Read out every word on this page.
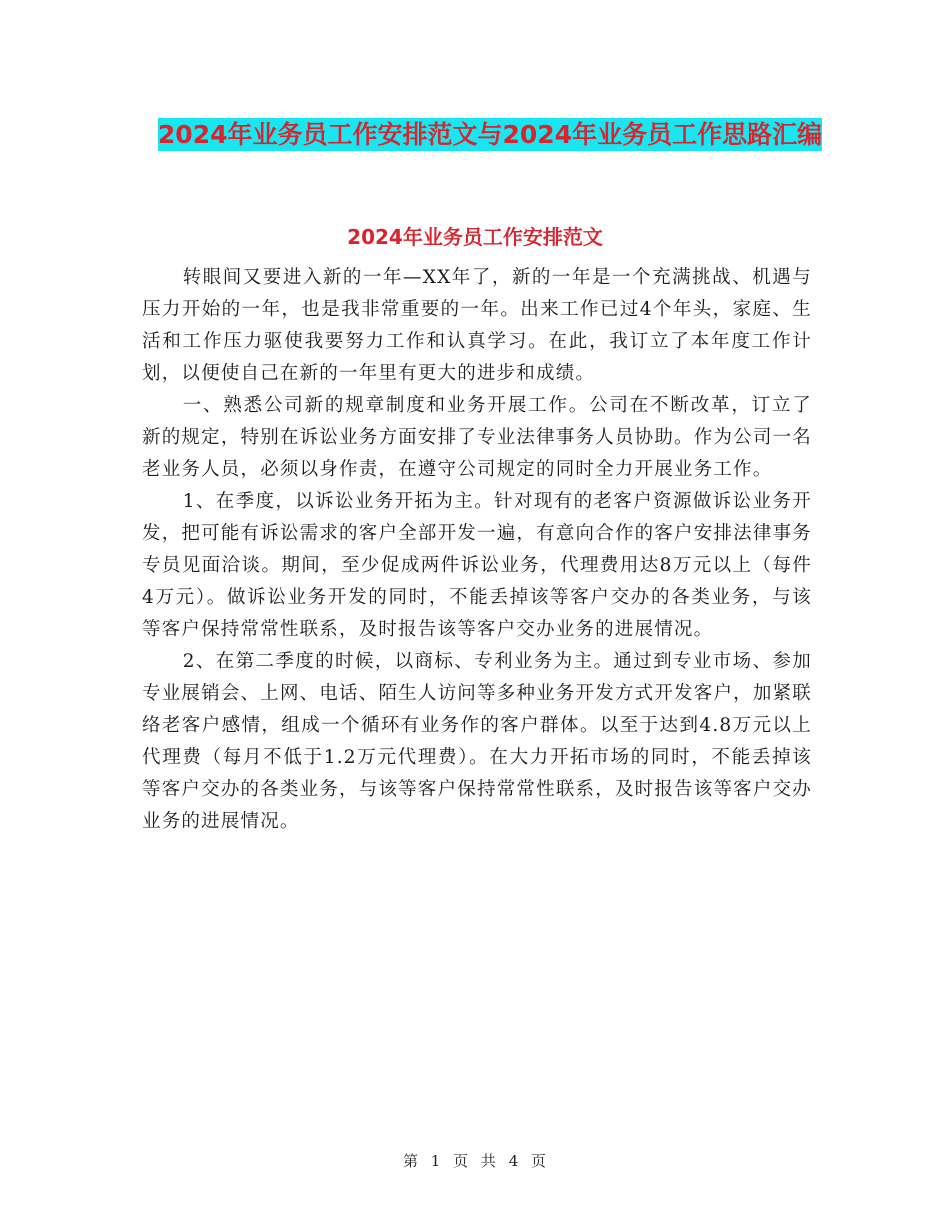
2024年业务员工作安排范文与2024年业务员工作思路汇编
2024年业务员工作安排范文

转眼间又要进入新的一年—XX年了，新的一年是一个充满挑战、机遇与压力开始的一年，也是我非常重要的一年。出来工作已过4个年头，家庭、生活和工作压力驱使我要努力工作和认真学习。在此，我订立了本年度工作计划，以便使自己在新的一年里有更大的进步和成绩。

一、熟悉公司新的规章制度和业务开展工作。公司在不断改革，订立了新的规定，特别在诉讼业务方面安排了专业法律事务人员协助。作为公司一名老业务人员，必须以身作责，在遵守公司规定的同时全力开展业务工作。

1、在季度，以诉讼业务开拓为主。针对现有的老客户资源做诉讼业务开发，把可能有诉讼需求的客户全部开发一遍，有意向合作的客户安排法律事务专员见面洽谈。期间，至少促成两件诉讼业务，代理费用达8万元以上（每件4万元）。做诉讼业务开发的同时，不能丢掉该等客户交办的各类业务，与该等客户保持常常性联系，及时报告该等客户交办业务的进展情况。

2、在第二季度的时候，以商标、专利业务为主。通过到专业市场、参加专业展销会、上网、电话、陌生人访问等多种业务开发方式开发客户，加紧联络老客户感情，组成一个循环有业务作的客户群体。以至于达到4.8万元以上代理费（每月不低于1.2万元代理费）。在大力开拓市场的同时，不能丢掉该等客户交办的各类业务，与该等客户保持常常性联系，及时报告该等客户交办业务的进展情况。

第 1 页 共 4 页
